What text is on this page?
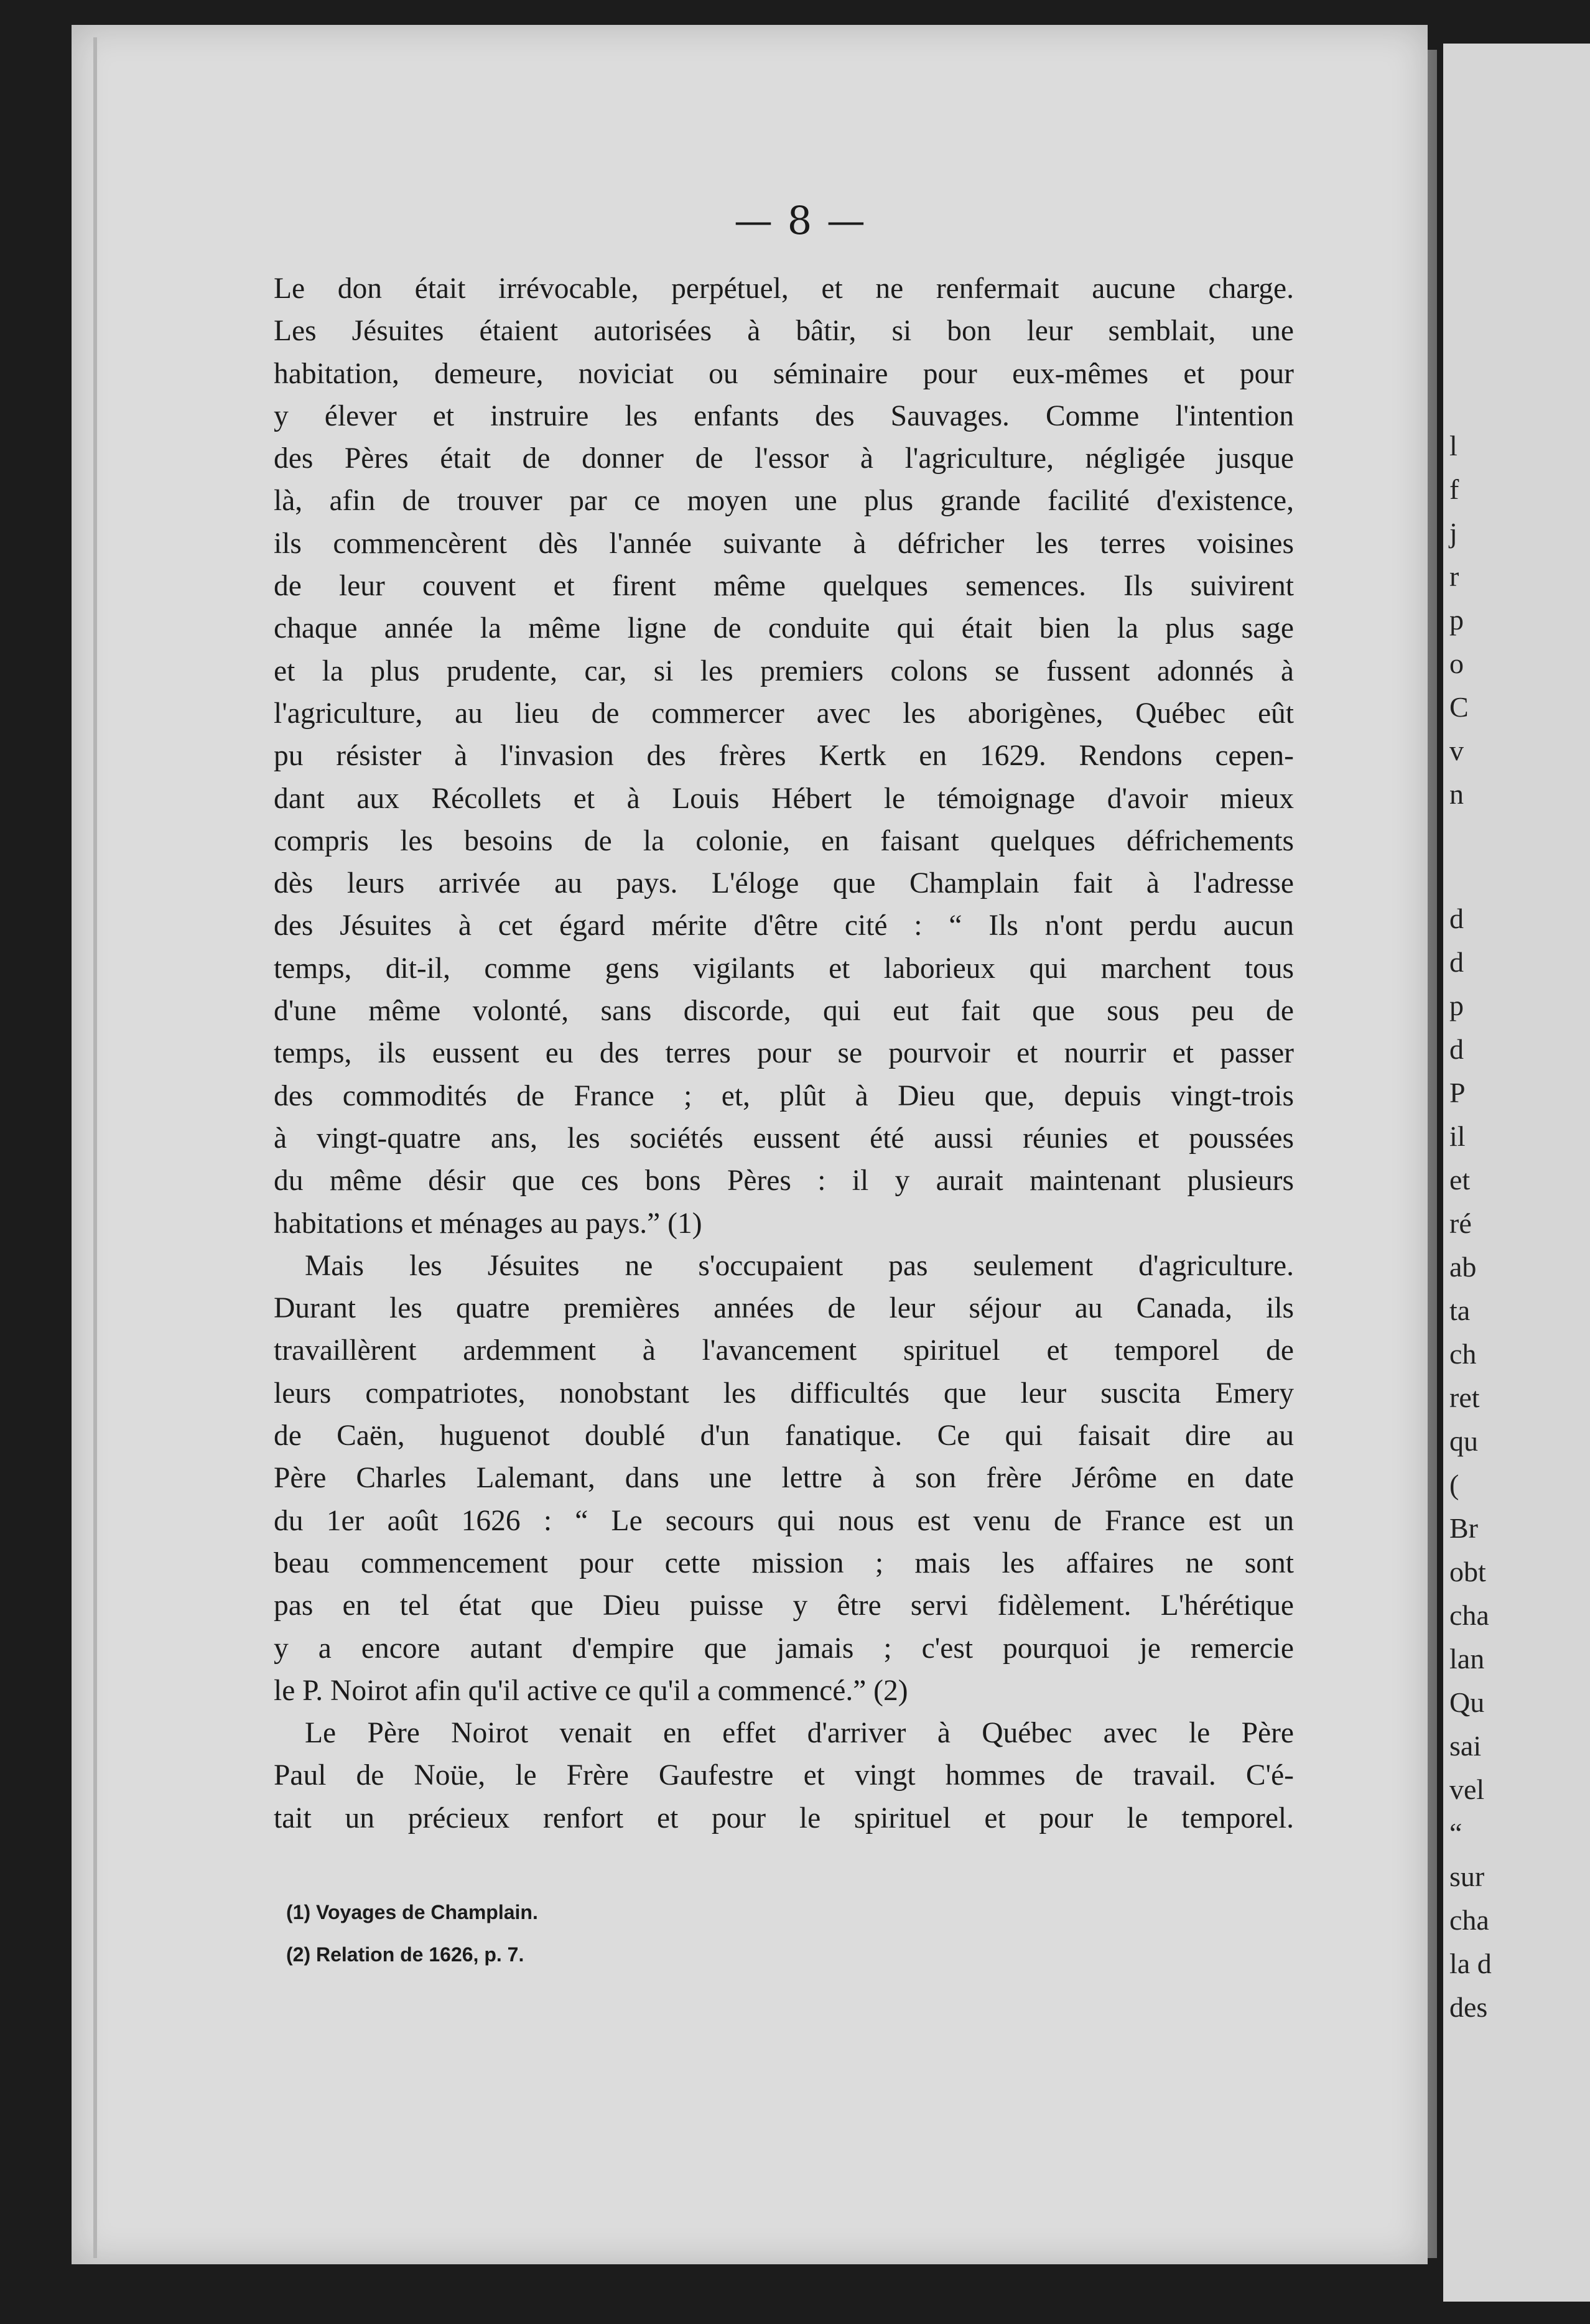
l
f
j
r
p
o
C
v
n
d
d
p
d
P
il
et
ré
ab
ta
ch
ret
qu
(
Br
obt
cha
lan
Qu
sai
vel
“
sur
cha
la d
des
— 8 —
Le don était irrévocable, perpétuel, et ne renfermait aucune charge.
Les Jésuites étaient autorisées à bâtir, si bon leur semblait, une
habitation, demeure, noviciat ou séminaire pour eux-mêmes et pour
y élever et instruire les enfants des Sauvages. Comme l'intention
des Pères était de donner de l'essor à l'agriculture, négligée jusque
là, afin de trouver par ce moyen une plus grande facilité d'existence,
ils commencèrent dès l'année suivante à défricher les terres voisines
de leur couvent et firent même quelques semences. Ils suivirent
chaque année la même ligne de conduite qui était bien la plus sage
et la plus prudente, car, si les premiers colons se fussent adonnés à
l'agriculture, au lieu de commercer avec les aborigènes, Québec eût
pu résister à l'invasion des frères Kertk en 1629. Rendons cepen-
dant aux Récollets et à Louis Hébert le témoignage d'avoir mieux
compris les besoins de la colonie, en faisant quelques défrichements
dès leurs arrivée au pays. L'éloge que Champlain fait à l'adresse
des Jésuites à cet égard mérite d'être cité : “ Ils n'ont perdu aucun
temps, dit-il, comme gens vigilants et laborieux qui marchent tous
d'une même volonté, sans discorde, qui eut fait que sous peu de
temps, ils eussent eu des terres pour se pourvoir et nourrir et passer
des commodités de France ; et, plût à Dieu que, depuis vingt-trois
à vingt-quatre ans, les sociétés eussent été aussi réunies et poussées
du même désir que ces bons Pères : il y aurait maintenant plusieurs
habitations et ménages au pays.” (1)
Mais les Jésuites ne s'occupaient pas seulement d'agriculture.
Durant les quatre premières années de leur séjour au Canada, ils
travaillèrent ardemment à l'avancement spirituel et temporel de
leurs compatriotes, nonobstant les difficultés que leur suscita Emery
de Caën, huguenot doublé d'un fanatique. Ce qui faisait dire au
Père Charles Lalemant, dans une lettre à son frère Jérôme en date
du 1er août 1626 : “ Le secours qui nous est venu de France est un
beau commencement pour cette mission ; mais les affaires ne sont
pas en tel état que Dieu puisse y être servi fidèlement. L'hérétique
y a encore autant d'empire que jamais ; c'est pourquoi je remercie
le P. Noirot afin qu'il active ce qu'il a commencé.” (2)
Le Père Noirot venait en effet d'arriver à Québec avec le Père
Paul de Noüe, le Frère Gaufestre et vingt hommes de travail. C'é-
tait un précieux renfort et pour le spirituel et pour le temporel.
(1) Voyages de Champlain.
(2) Relation de 1626, p. 7.
